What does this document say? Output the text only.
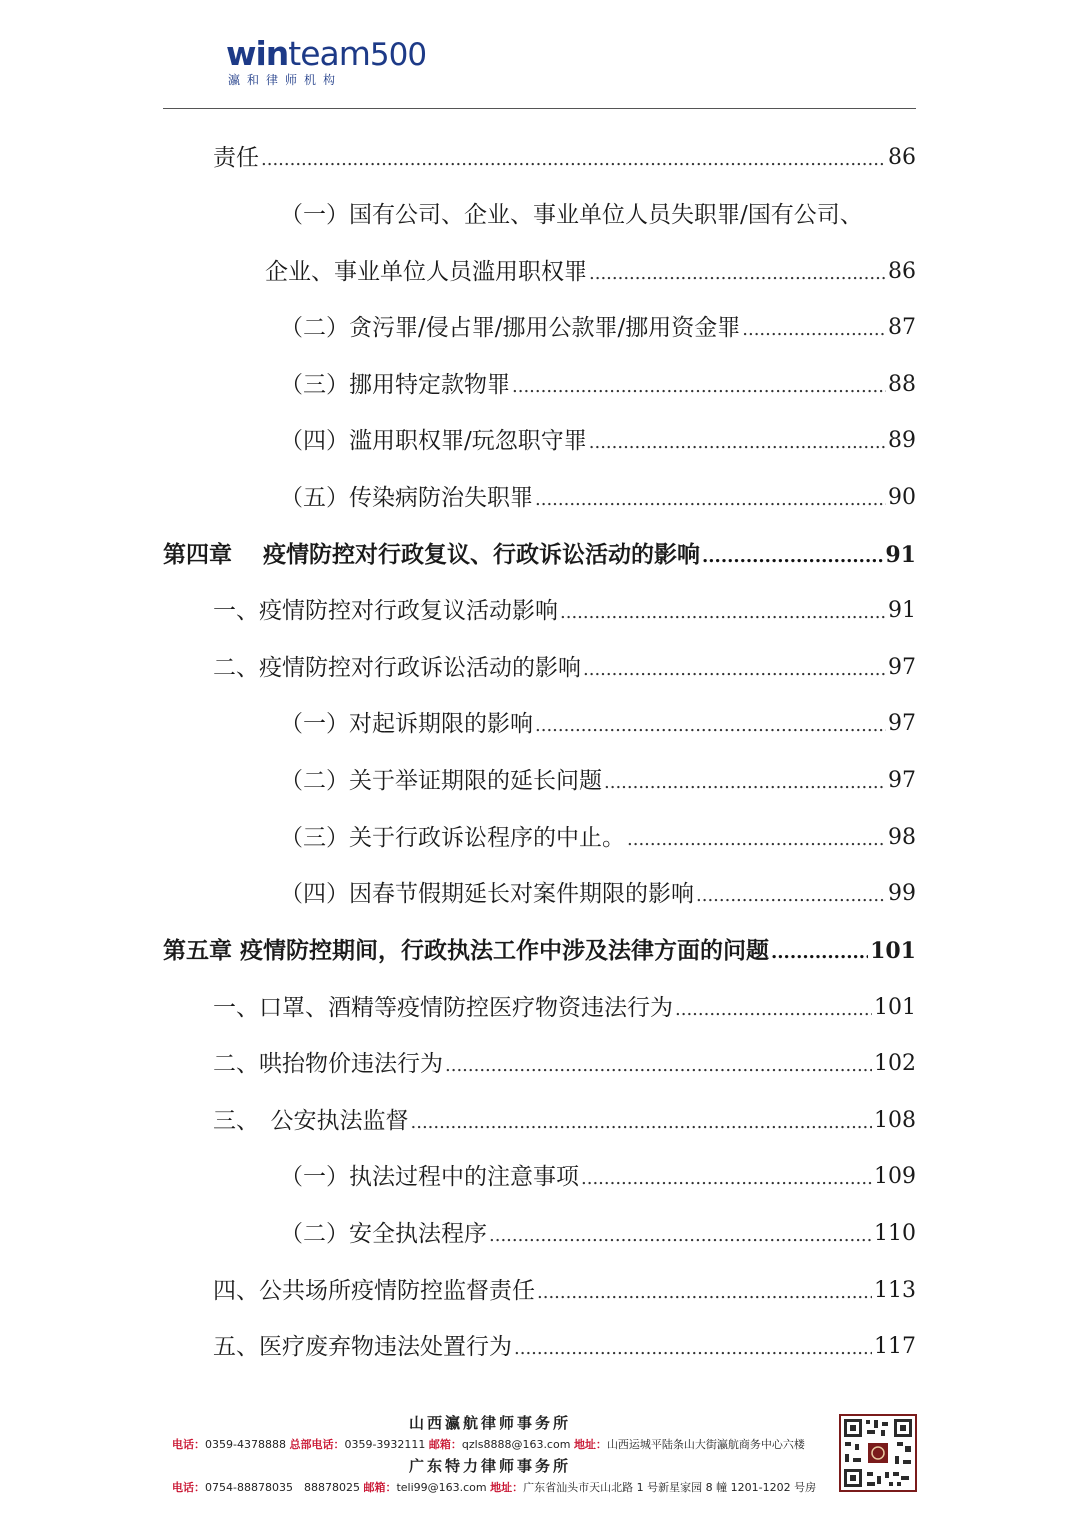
winteam500
瀛和律师机构
责任 .....	86
（一）国有公司、企业、事业单位人员失职罪/国有公司、
企业、事业单位人员滥用职权罪 .....	86
（二）贪污罪/侵占罪/挪用公款罪/挪用资金罪 .....	87
（三）挪用特定款物罪 .....	88
（四）滥用职权罪/玩忽职守罪 .....	89
（五）传染病防治失职罪 .....	90
第四章　 疫情防控对行政复议、行政诉讼活动的影响 .....	91
一、疫情防控对行政复议活动影响 .....	91
二、疫情防控对行政诉讼活动的影响 .....	97
（一）对起诉期限的影响 .....	97
（二）关于举证期限的延长问题 .....	97
（三）关于行政诉讼程序的中止。 .....	98
（四）因春节假期延长对案件期限的影响 .....	99
第五章 疫情防控期间，行政执法工作中涉及法律方面的问题 .....	101
一、口罩、酒精等疫情防控医疗物资违法行为 .....	101
二、哄抬物价违法行为 .....	102
三、　公安执法监督 .....	108
（一）执法过程中的注意事项 .....	109
（二）安全执法程序 .....	110
四、公共场所疫情防控监督责任 .....	113
五、医疗废弃物违法处置行为 .....	117
山西瀛航律师事务所
电话：0359-4378888 总部电话：0359-3932111 邮箱：qzls8888@163.com 地址：山西运城平陆条山大街瀛航商务中心六楼
广东特力律师事务所
电话：0754-88878035　88878025 邮箱：teli99@163.com 地址：广东省汕头市天山北路 1 号新星家园 8 幢 1201-1202 号房
